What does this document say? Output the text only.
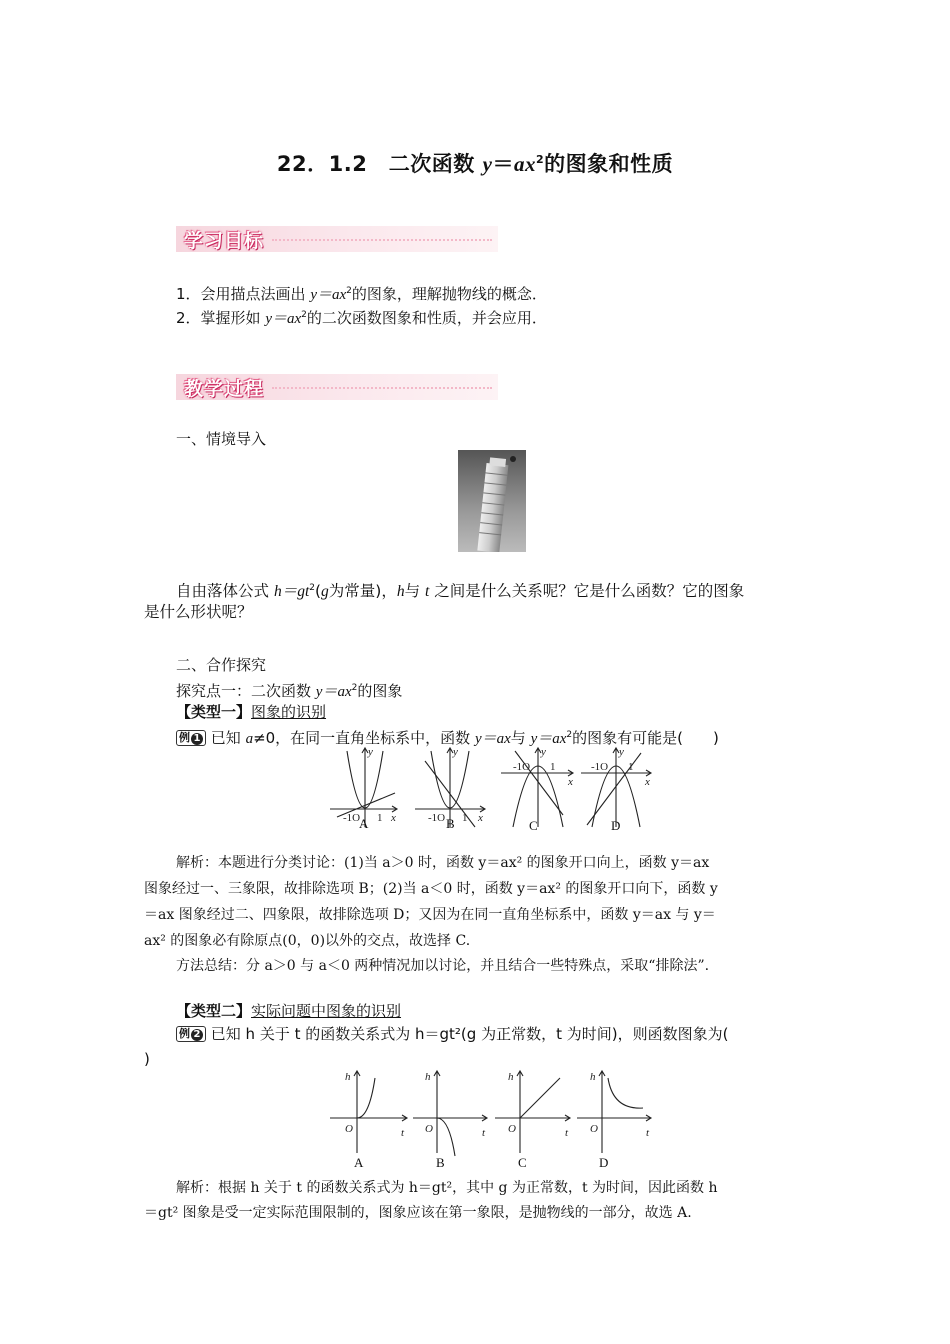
22．1.2　二次函数 $y=ax^2$的图象和性质
学习目标
1．会用描点法画出 $y=ax^2$的图象，理解抛物线的概念．
2．掌握形如 $y=ax^2$的二次函数图象和性质，并会应用．
教学过程
一、情境导入
自由落体公式 $h=gt^2(g$为常量)，h与 t 之间是什么关系呢？它是什么函数？它的图象
是什么形状呢？
二、合作探究
探究点一：二次函数 $y=ax^2$的图象
【类型一】图象的识别
例 1 已知 a≠0，在同一直角坐标系中，函数 y＝ax与 $y=ax^2$的图象有可能是(　　)
y
x
y
x
y
x
y
x
-1O 1	-1O 1
-1O 1	-1O 1
A	B	C	D
解析：本题进行分类讨论：(1)当 a＞0 时，函数 y＝ax² 的图象开口向上，函数 y＝ax
图象经过一、三象限，故排除选项 B；(2)当 a＜0 时，函数 y＝ax² 的图象开口向下，函数 y
＝ax 图象经过二、四象限，故排除选项 D；又因为在同一直角坐标系中，函数 y＝ax 与 y＝
ax² 的图象必有除原点(0，0)以外的交点，故选择 C.
方法总结：分 a＞0 与 a＜0 两种情况加以讨论，并且结合一些特殊点，采取“排除法”.
【类型二】实际问题中图象的识别
例 2 已知 h 关于 t 的函数关系式为 h＝gt²(g 为正常数，t 为时间)，则函数图象为(
)
h
t
O
h
t
O
h
t
O
h
t
O
A	B	C	D
解析：根据 h 关于 t 的函数关系式为 h＝gt²，其中 g 为正常数，t 为时间，因此函数 h
＝gt² 图象是受一定实际范围限制的，图象应该在第一象限，是抛物线的一部分，故选 A.
